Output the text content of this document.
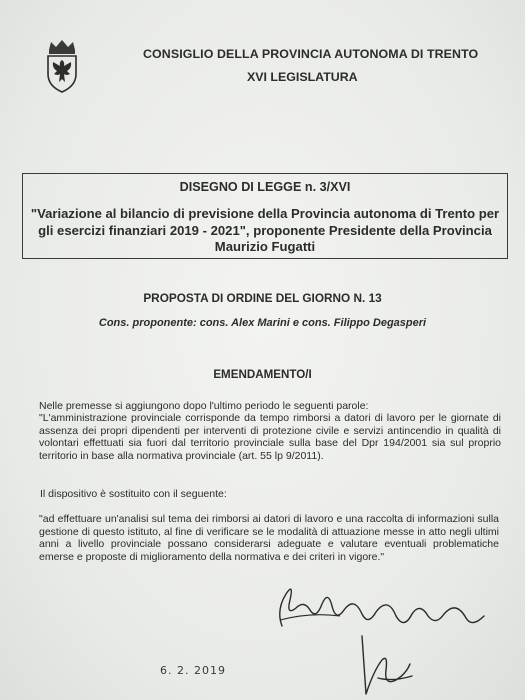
CONSIGLIO DELLA PROVINCIA AUTONOMA DI TRENTO
XVI LEGISLATURA
DISEGNO DI LEGGE n. 3/XVI
"Variazione al bilancio di previsione della Provincia autonoma di Trento per gli esercizi finanziari 2019 - 2021", proponente Presidente della Provincia Maurizio Fugatti
PROPOSTA DI ORDINE DEL GIORNO N. 13
Cons. proponente: cons. Alex Marini e cons. Filippo Degasperi
EMENDAMENTO/I
Nelle premesse si aggiungono dopo l'ultimo periodo le seguenti parole:
"L'amministrazione provinciale corrisponde da tempo rimborsi a datori di lavoro per le giornate di assenza dei propri dipendenti per interventi di protezione civile e servizi antincendio in qualità di volontari effettuati sia fuori dal territorio provinciale sulla base del Dpr 194/2001 sia sul proprio territorio in base alla normativa provinciale (art. 55 lp 9/2011).
Il dispositivo è sostituito con il seguente:
"ad effettuare un'analisi sul tema dei rimborsi ai datori di lavoro e una raccolta di informazioni sulla gestione di questo istituto, al fine di verificare se le modalità di attuazione messe in atto negli ultimi anni a livello provinciale possano considerarsi adeguate e valutare eventuali problematiche emerse e proposte di miglioramento della normativa e dei criteri in vigore."
6. 2. 2019
